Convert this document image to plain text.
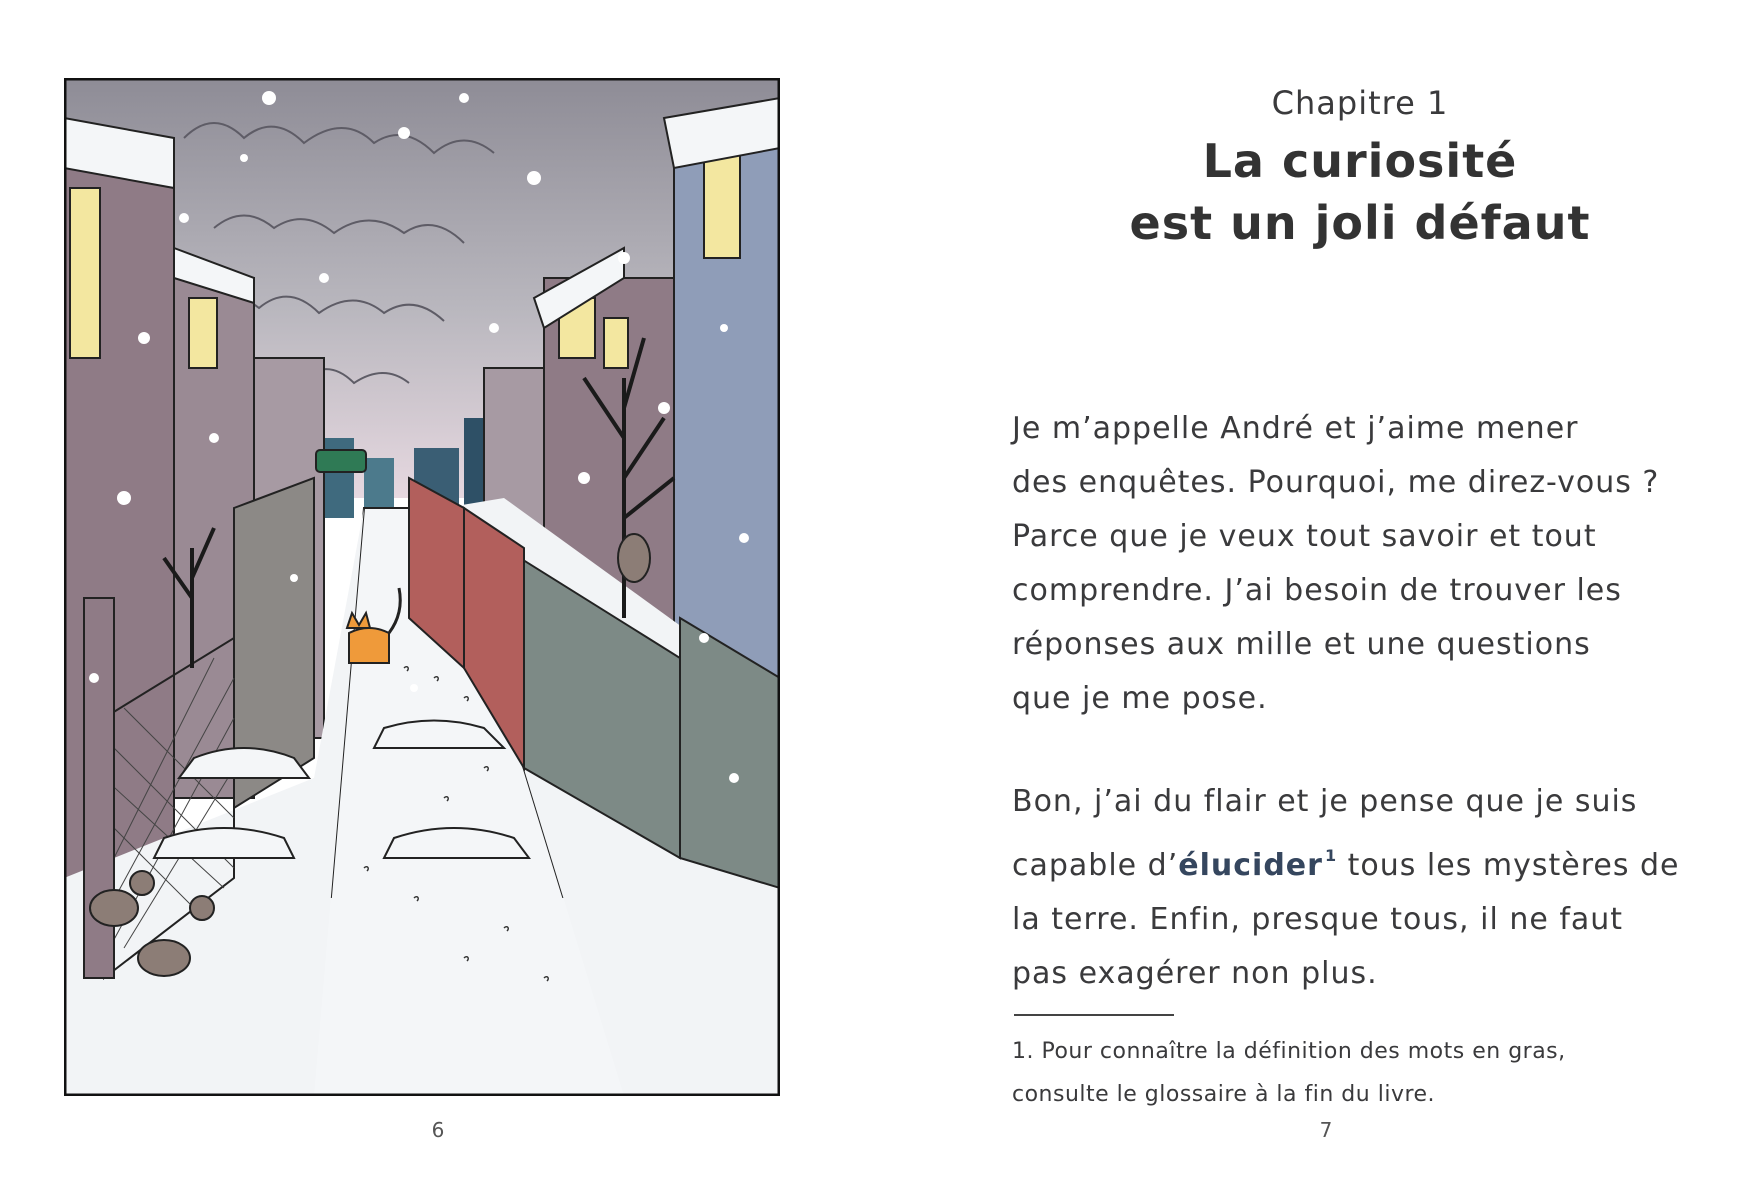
6
Chapitre 1
La curiosité
est un joli défaut

Je m’appelle André et j’aime mener
des enquêtes. Pourquoi, me direz-vous ?
Parce que je veux tout savoir et tout
comprendre. J’ai besoin de trouver les
réponses aux mille et une questions
que je me pose.

Bon, j’ai du flair et je pense que je suis
capable d’élucider $^1$ tous les mystères de
la terre. Enfin, presque tous, il ne faut
pas exagérer non plus.

1. Pour connaître la définition des mots en gras,
consulte le glossaire à la fin du livre.

7
